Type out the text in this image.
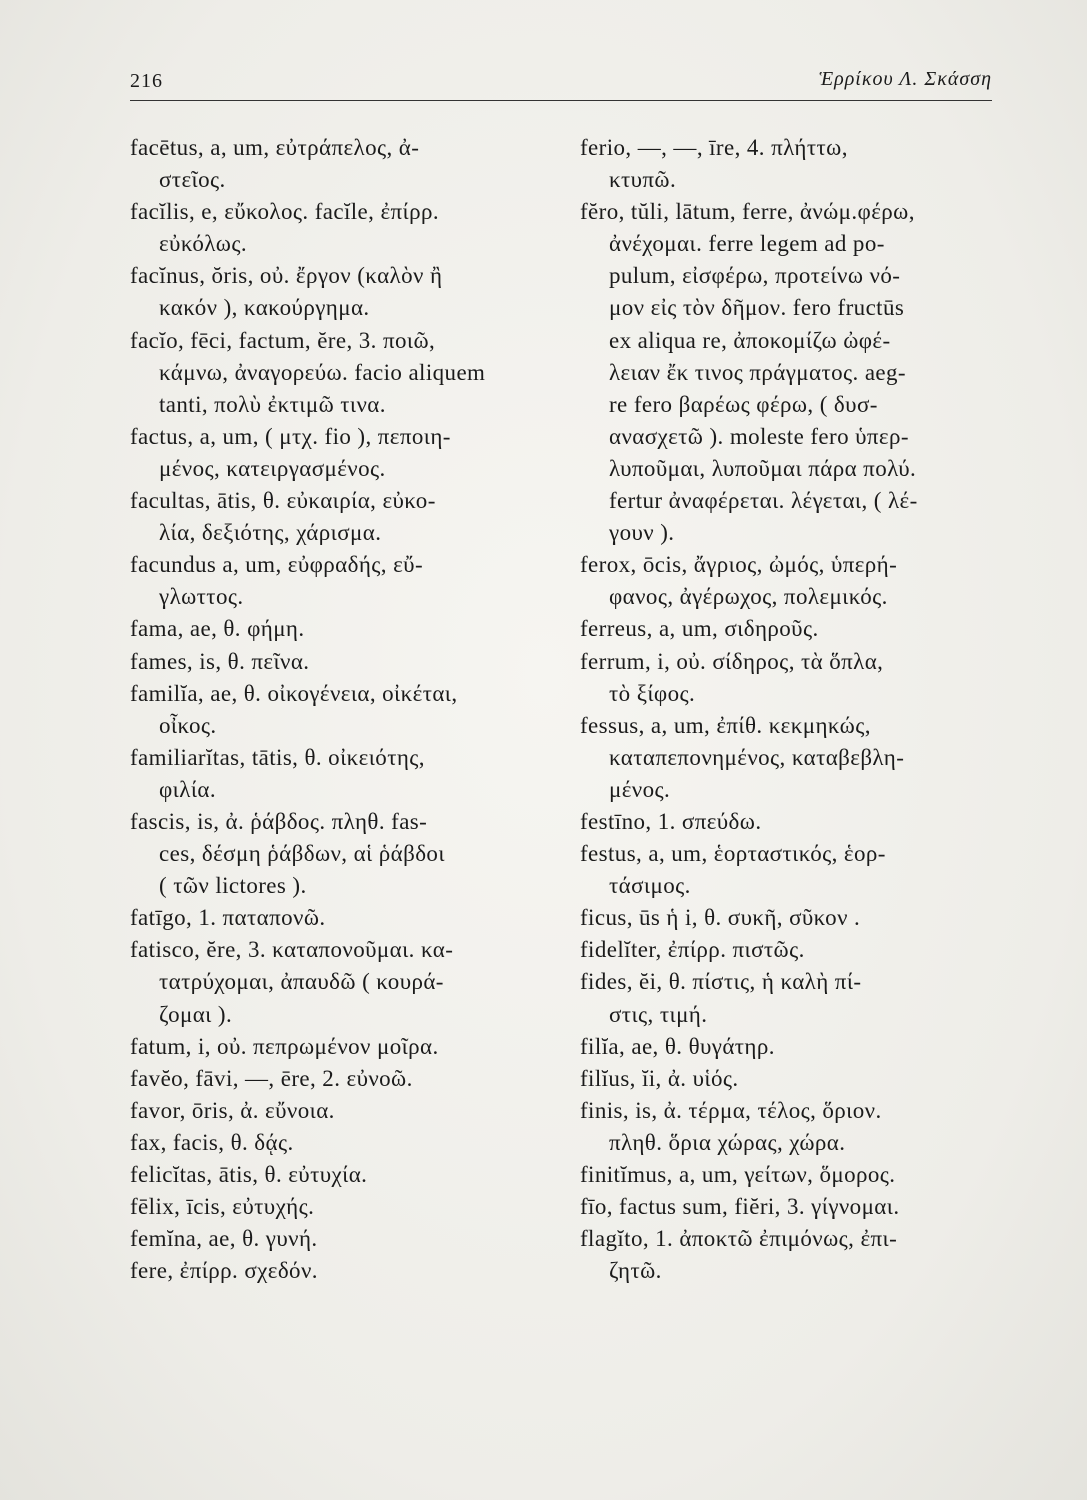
216	Ἑρρίκου Λ. Σκάσση
facētus, a, um, εὐτράπελος, ἀ-
στεῖος.
facĭlis, e, εὔκολος. facĭle, ἐπίρρ.
εὐκόλως.
facĭnus, ŏris, οὐ. ἔργον (καλὸν ἢ
κακόν ), κακούργημα.
facĭo, fēci, factum, ĕre, 3. ποιῶ,
κάμνω, ἀναγορεύω. facio aliquem
tanti, πολὺ ἐκτιμῶ τινα.
factus, a, um, ( μτχ. fio ), πεποιη-
μένος, κατειργασμένος.
facultas, ātis, θ. εὐκαιρία, εὐκο-
λία, δεξιότης, χάρισμα.
facundus a, um, εὐφραδής, εὔ-
γλωττος.
fama, ae, θ. φήμη.
fames, is, θ. πεῖνα.
familĭa, ae, θ. οἰκογένεια, οἰκέται,
οἶκος.
familiarĭtas, tātis, θ. οἰκειότης,
φιλία.
fascis, is, ἀ. ῥάβδος. πληθ. fas-
ces, δέσμη ῥάβδων, αἱ ῥάβδοι
( τῶν lictores ).
fatīgo, 1. παταπονῶ.
fatisco, ĕre, 3. καταπονοῦμαι. κα-
τατρύχομαι, ἀπαυδῶ ( κουρά-
ζομαι ).
fatum, i, οὐ. πεπρωμένον μοῖρα.
favĕo, fāvi, —, ēre, 2. εὐνοῶ.
favor, ōris, ἀ. εὔνοια.
fax, facis, θ. δᾴς.
felicĭtas, ātis, θ. εὐτυχία.
fēlix, īcis, εὐτυχής.
femĭna, ae, θ. γυνή.
fere, ἐπίρρ. σχεδόν.
ferio, —, —, īre, 4. πλήττω,
κτυπῶ.
fĕro, tŭli, lātum, ferre, ἀνώμ.φέρω,
ἀνέχομαι. ferre legem ad po-
pulum, εἰσφέρω, προτείνω νό-
μον εἰς τὸν δῆμον. fero fructūs
ex aliqua re, ἀποκομίζω ὠφέ-
λειαν ἔκ τινος πράγματος. aeg-
re fero βαρέως φέρω, ( δυσ-
ανασχετῶ ). moleste fero ὑπερ-
λυποῦμαι, λυποῦμαι πάρα πολύ.
fertur ἀναφέρεται. λέγεται, ( λέ-
γουν ).
ferox, ōcis, ἄγριος, ὠμός, ὑπερή-
φανος, ἀγέρωχος, πολεμικός.
ferreus, a, um, σιδηροῦς.
ferrum, i, οὐ. σίδηρος, τὰ ὅπλα,
τὸ ξίφος.
fessus, a, um, ἐπίθ. κεκμηκώς,
καταπεπονημένος, καταβεβλη-
μένος.
festīno, 1. σπεύδω.
festus, a, um, ἑορταστικός, ἑορ-
τάσιμος.
ficus, ūs ἡ i, θ. συκῆ, σῦκον .
fidelĭter, ἐπίρρ. πιστῶς.
fides, ĕi, θ. πίστις, ἡ καλὴ πί-
στις, τιμή.
filĭa, ae, θ. θυγάτηρ.
filĭus, ĭi, ἀ. υἱός.
finis, is, ἀ. τέρμα, τέλος, ὅριον.
πληθ. ὅρια χώρας, χώρα.
finitĭmus, a, um, γείτων, ὅμορος.
fīo, factus sum, fiĕri, 3. γίγνομαι.
flagĭto, 1. ἀποκτῶ ἐπιμόνως, ἐπι-
ζητῶ.
